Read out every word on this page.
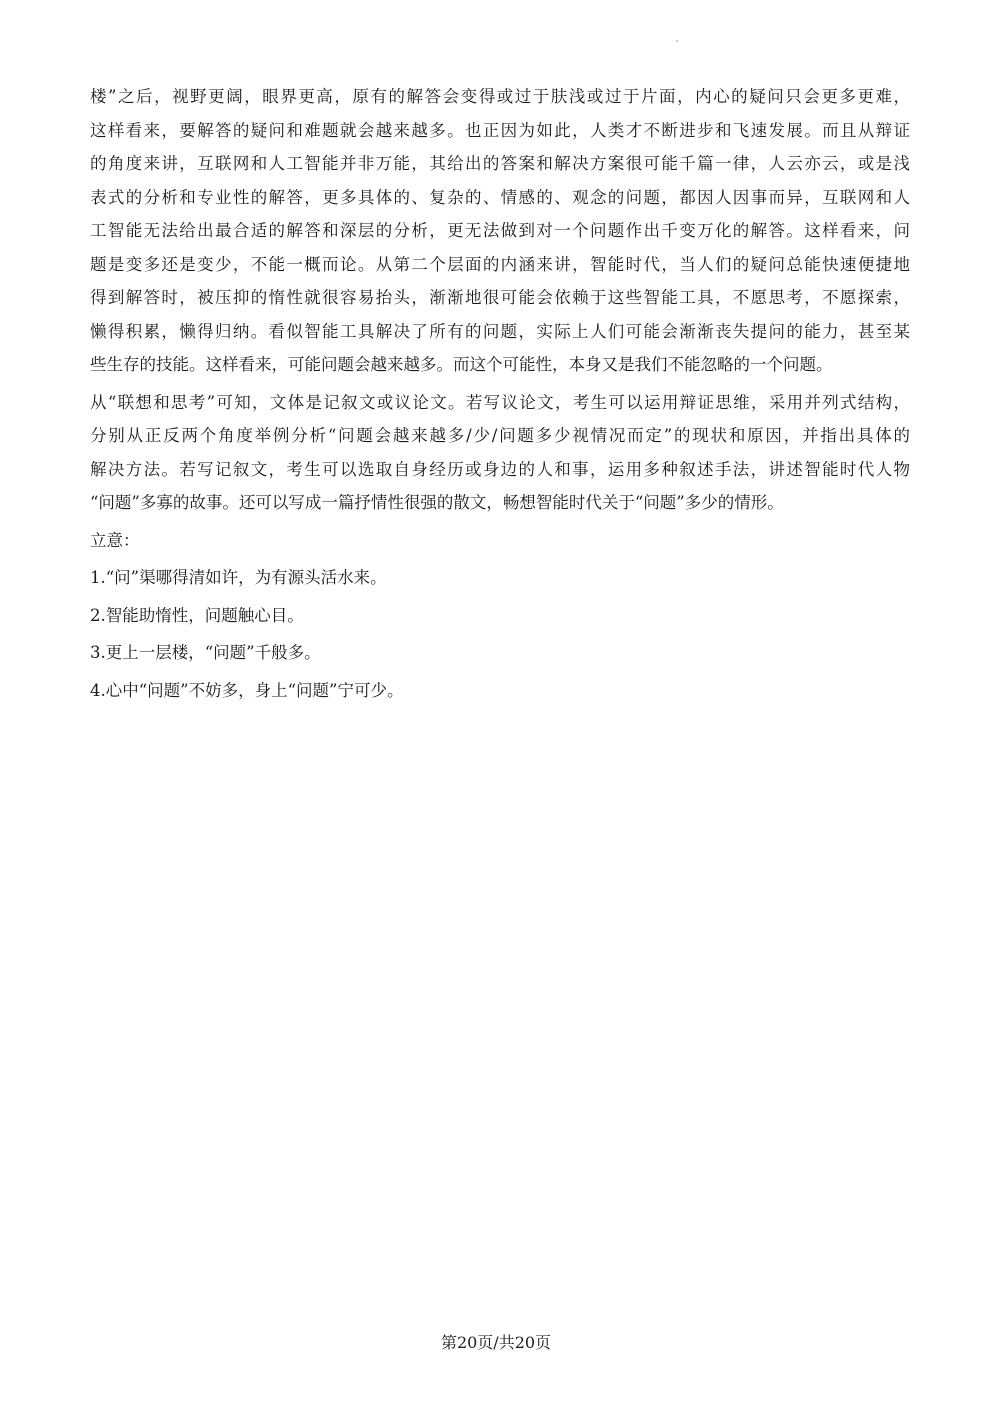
楼”之后，视野更阔，眼界更高，原有的解答会变得或过于肤浅或过于片面，内心的疑问只会更多更难，
这样看来，要解答的疑问和难题就会越来越多。也正因为如此，人类才不断进步和飞速发展。而且从辩证
的角度来讲，互联网和人工智能并非万能，其给出的答案和解决方案很可能千篇一律，人云亦云，或是浅
表式的分析和专业性的解答，更多具体的、复杂的、情感的、观念的问题，都因人因事而异，互联网和人
工智能无法给出最合适的解答和深层的分析，更无法做到对一个问题作出千变万化的解答。这样看来，问
题是变多还是变少，不能一概而论。从第二个层面的内涵来讲，智能时代，当人们的疑问总能快速便捷地
得到解答时，被压抑的惰性就很容易抬头，渐渐地很可能会依赖于这些智能工具，不愿思考，不愿探索，
懒得积累，懒得归纳。看似智能工具解决了所有的问题，实际上人们可能会渐渐丧失提问的能力，甚至某
些生存的技能。这样看来，可能问题会越来越多。而这个可能性，本身又是我们不能忽略的一个问题。
从“联想和思考”可知，文体是记叙文或议论文。若写议论文，考生可以运用辩证思维，采用并列式结构，
分别从正反两个角度举例分析“问题会越来越多/少/问题多少视情况而定”的现状和原因，并指出具体的
解决方法。若写记叙文，考生可以选取自身经历或身边的人和事，运用多种叙述手法，讲述智能时代人物
“问题”多寡的故事。还可以写成一篇抒情性很强的散文，畅想智能时代关于“问题”多少的情形。
立意：
1.“问”渠哪得清如许，为有源头活水来。
2.智能助惰性，问题触心目。
3.更上一层楼，“问题”千般多。
4.心中“问题”不妨多，身上“问题”宁可少。
第20页/共20页
